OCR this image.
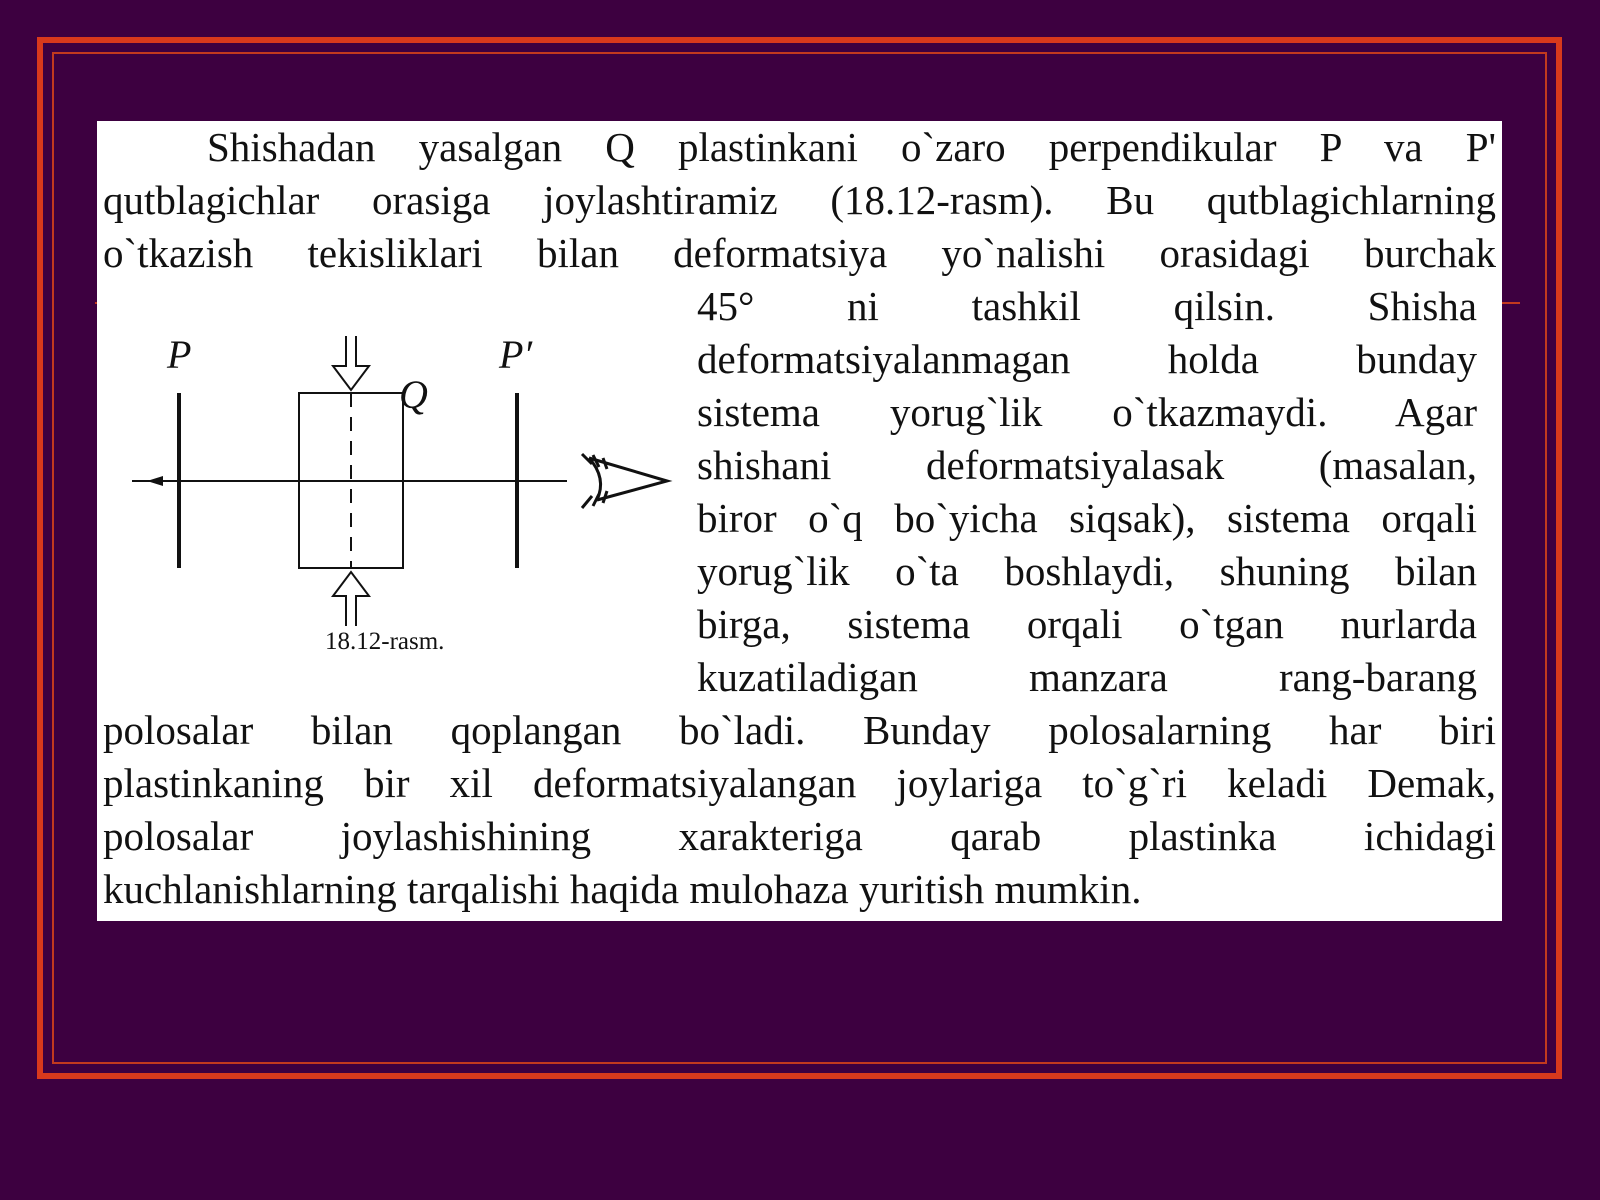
Shishadan yasalgan Q plastinkani o`zaro perpendikular P va P'
qutblagichlar orasiga joylashtiramiz (18.12-rasm). Bu qutblagichlarning
o`tkazish tekisliklari bilan deformatsiya yo`nalishi orasidagi burchak
P	P′
Q
18.12-rasm.
45° ni tashkil qilsin. Shisha
deformatsiyalanmagan holda bunday
sistema yorug`lik o`tkazmaydi. Agar
shishani deformatsiyalasak (masalan,
biror o`q bo`yicha siqsak), sistema orqali
yorug`lik o`ta boshlaydi, shuning bilan
birga, sistema orqali o`tgan nurlarda
kuzatiladigan manzara rang-barang
polosalar bilan qoplangan bo`ladi. Bunday polosalarning har biri
plastinkaning bir xil deformatsiyalangan joylariga to`g`ri keladi Demak,
polosalar joylashishining xarakteriga qarab plastinka ichidagi
kuchlanishlarning tarqalishi haqida mulohaza yuritish mumkin.
